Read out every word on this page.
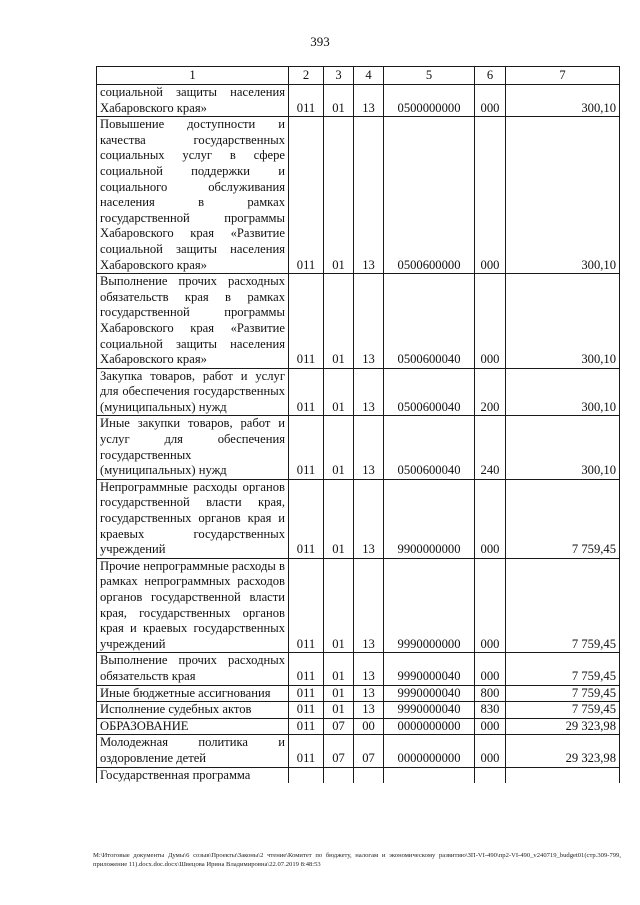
393
1	2	3	4	5	6	7
социальной защиты населения Хабаровского края»	011	01	13	0500000000	000	300,10
Повышение доступности и качества государственных социальных услуг в сфере социальной поддержки и социального обслуживания населения в рамках государственной программы Хабаровского края «Развитие социальной защиты населения Хабаровского края»	011	01	13	0500600000	000	300,10
Выполнение прочих расходных обязательств края в рамках государственной программы Хабаровского края «Развитие социальной защиты населения Хабаровского края»	011	01	13	0500600040	000	300,10
Закупка товаров, работ и услуг для обеспечения государственных (муниципальных) нужд	011	01	13	0500600040	200	300,10
Иные закупки товаров, работ и услуг для обеспечения государственных (муниципальных) нужд	011	01	13	0500600040	240	300,10
Непрограммные расходы органов государственной власти края, государственных органов края и краевых государственных учреждений	011	01	13	9900000000	000	7 759,45
Прочие непрограммные расходы в рамках непрограммных расходов органов государственной власти края, государственных органов края и краевых государственных учреждений	011	01	13	9990000000	000	7 759,45
Выполнение прочих расходных обязательств края	011	01	13	9990000040	000	7 759,45
Иные бюджетные ассигнования	011	01	13	9990000040	800	7 759,45
Исполнение судебных актов	011	01	13	9990000040	830	7 759,45
ОБРАЗОВАНИЕ	011	07	00	0000000000	000	29 323,98
Молодежная политика и оздоровление детей	011	07	07	0000000000	000	29 323,98
Государственная программа						
M:\Итоговые документы Думы\6 созыв\Проекты\Законы\2 чтение\Комитет по бюджету, налогам и экономическому развитию\ЗП-VI-490\пр2-VI-490_v240719_budget01(стр.309-799, приложение 11).docx.doc.docx\Швецова Ирина Владимировна\22.07.2019 8:48:53
